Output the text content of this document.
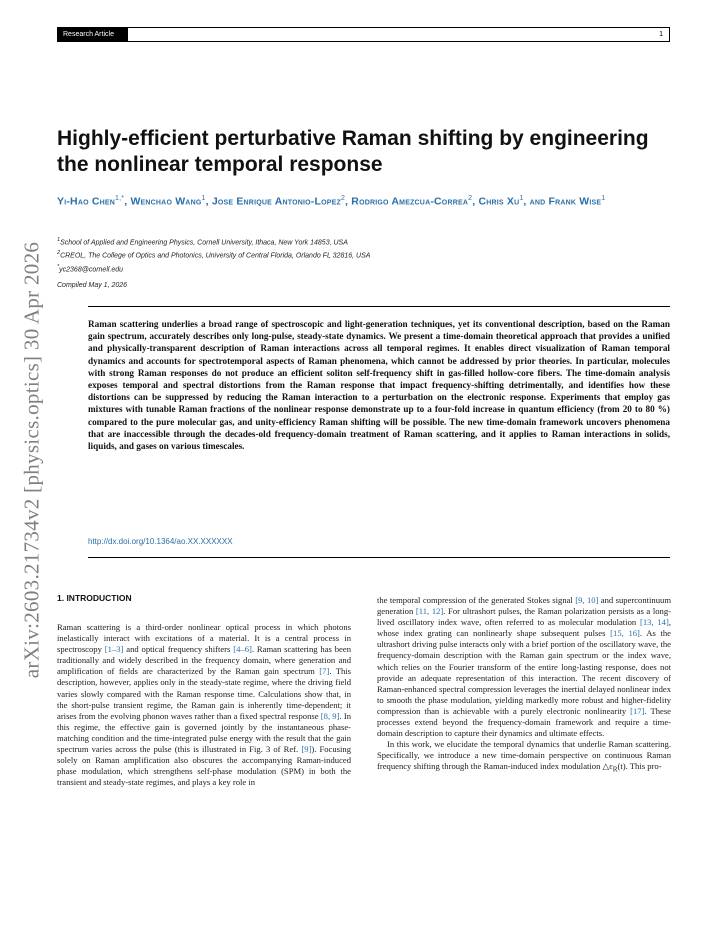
Research Article	1
arXiv:2603.21734v2 [physics.optics] 30 Apr 2026
Highly-efficient perturbative Raman shifting by engineering the nonlinear temporal response
Yi-Hao Chen$^{1,*}$, Wenchao Wang$^1$, Jose Enrique Antonio-Lopez$^2$, Rodrigo Amezcua-Correa$^2$, Chris Xu$^1$, and Frank Wise$^1$
$^1$School of Applied and Engineering Physics, Cornell University, Ithaca, New York 14853, USA
$^2$CREOL, The College of Optics and Photonics, University of Central Florida, Orlando FL 32816, USA
*yc2368@cornell.edu
Compiled May 1, 2026

Raman scattering underlies a broad range of spectroscopic and light-generation techniques, yet its conventional description, based on the Raman gain spectrum, accurately describes only long-pulse, steady-state dynamics. We present a time-domain theoretical approach that provides a unified and physically-transparent description of Raman interactions across all temporal regimes. It enables direct visualization of Raman temporal dynamics and accounts for spectrotemporal aspects of Raman phenomena, which cannot be addressed by prior theories. In particular, molecules with strong Raman responses do not produce an efficient soliton self-frequency shift in gas-filled hollow-core fibers. The time-domain analysis exposes temporal and spectral distortions from the Raman response that impact frequency-shifting detrimentally, and identifies how these distortions can be suppressed by reducing the Raman interaction to a perturbation on the electronic response. Experiments that employ gas mixtures with tunable Raman fractions of the nonlinear response demonstrate up to a four-fold increase in quantum efficiency (from 20 to 80 %) compared to the pure molecular gas, and unity-efficiency Raman shifting will be possible. The new time-domain framework uncovers phenomena that are inaccessible through the decades-old frequency-domain treatment of Raman scattering, and it applies to Raman interactions in solids, liquids, and gases on various timescales.

http://dx.doi.org/10.1364/ao.XX.XXXXXX
1. INTRODUCTION

Raman scattering is a third-order nonlinear optical process in which photons inelastically interact with excitations of a material. It is a central process in spectroscopy [1–3] and optical frequency shifters [4–6]. Raman scattering has been traditionally and widely described in the frequency domain, where generation and amplification of fields are characterized by the Raman gain spectrum [7]. This description, however, applies only in the steady-state regime, where the driving field varies slowly compared with the Raman response time. Calculations show that, in the short-pulse transient regime, the Raman gain is inherently time-dependent; it arises from the evolving phonon waves rather than a fixed spectral response [8, 9]. In this regime, the effective gain is governed jointly by the instantaneous phase-matching condition and the time-integrated pulse energy with the result that the gain spectrum varies across the pulse (this is illustrated in Fig. 3 of Ref. [9]). Focusing solely on Raman amplification also obscures the accompanying Raman-induced phase modulation, which strengthens self-phase modulation (SPM) in both the transient and steady-state regimes, and plays a key role in

the temporal compression of the generated Stokes signal [9, 10] and supercontinuum generation [11, 12]. For ultrashort pulses, the Raman polarization persists as a long-lived oscillatory index wave, often referred to as molecular modulation [13, 14], whose index grating can nonlinearly shape subsequent pulses [15, 16]. As the ultrashort driving pulse interacts only with a brief portion of the oscillatory wave, the frequency-domain description with the Raman gain spectrum or the index wave, which relies on the Fourier transform of the entire long-lasting response, does not provide an adequate representation of this interaction. The recent discovery of Raman-enhanced spectral compression leverages the inertial delayed nonlinear index to smooth the phase modulation, yielding markedly more robust and higher-fidelity compression than is achievable with a purely electronic nonlinearity [17]. These processes extend beyond the frequency-domain framework and require a time-domain description to capture their dynamics and ultimate effects.

In this work, we elucidate the temporal dynamics that underlie Raman scattering. Specifically, we introduce a new time-domain perspective on continuous Raman frequency shifting through the Raman-induced index modulation $\triangle\varepsilon_R(t)$. This pro-
